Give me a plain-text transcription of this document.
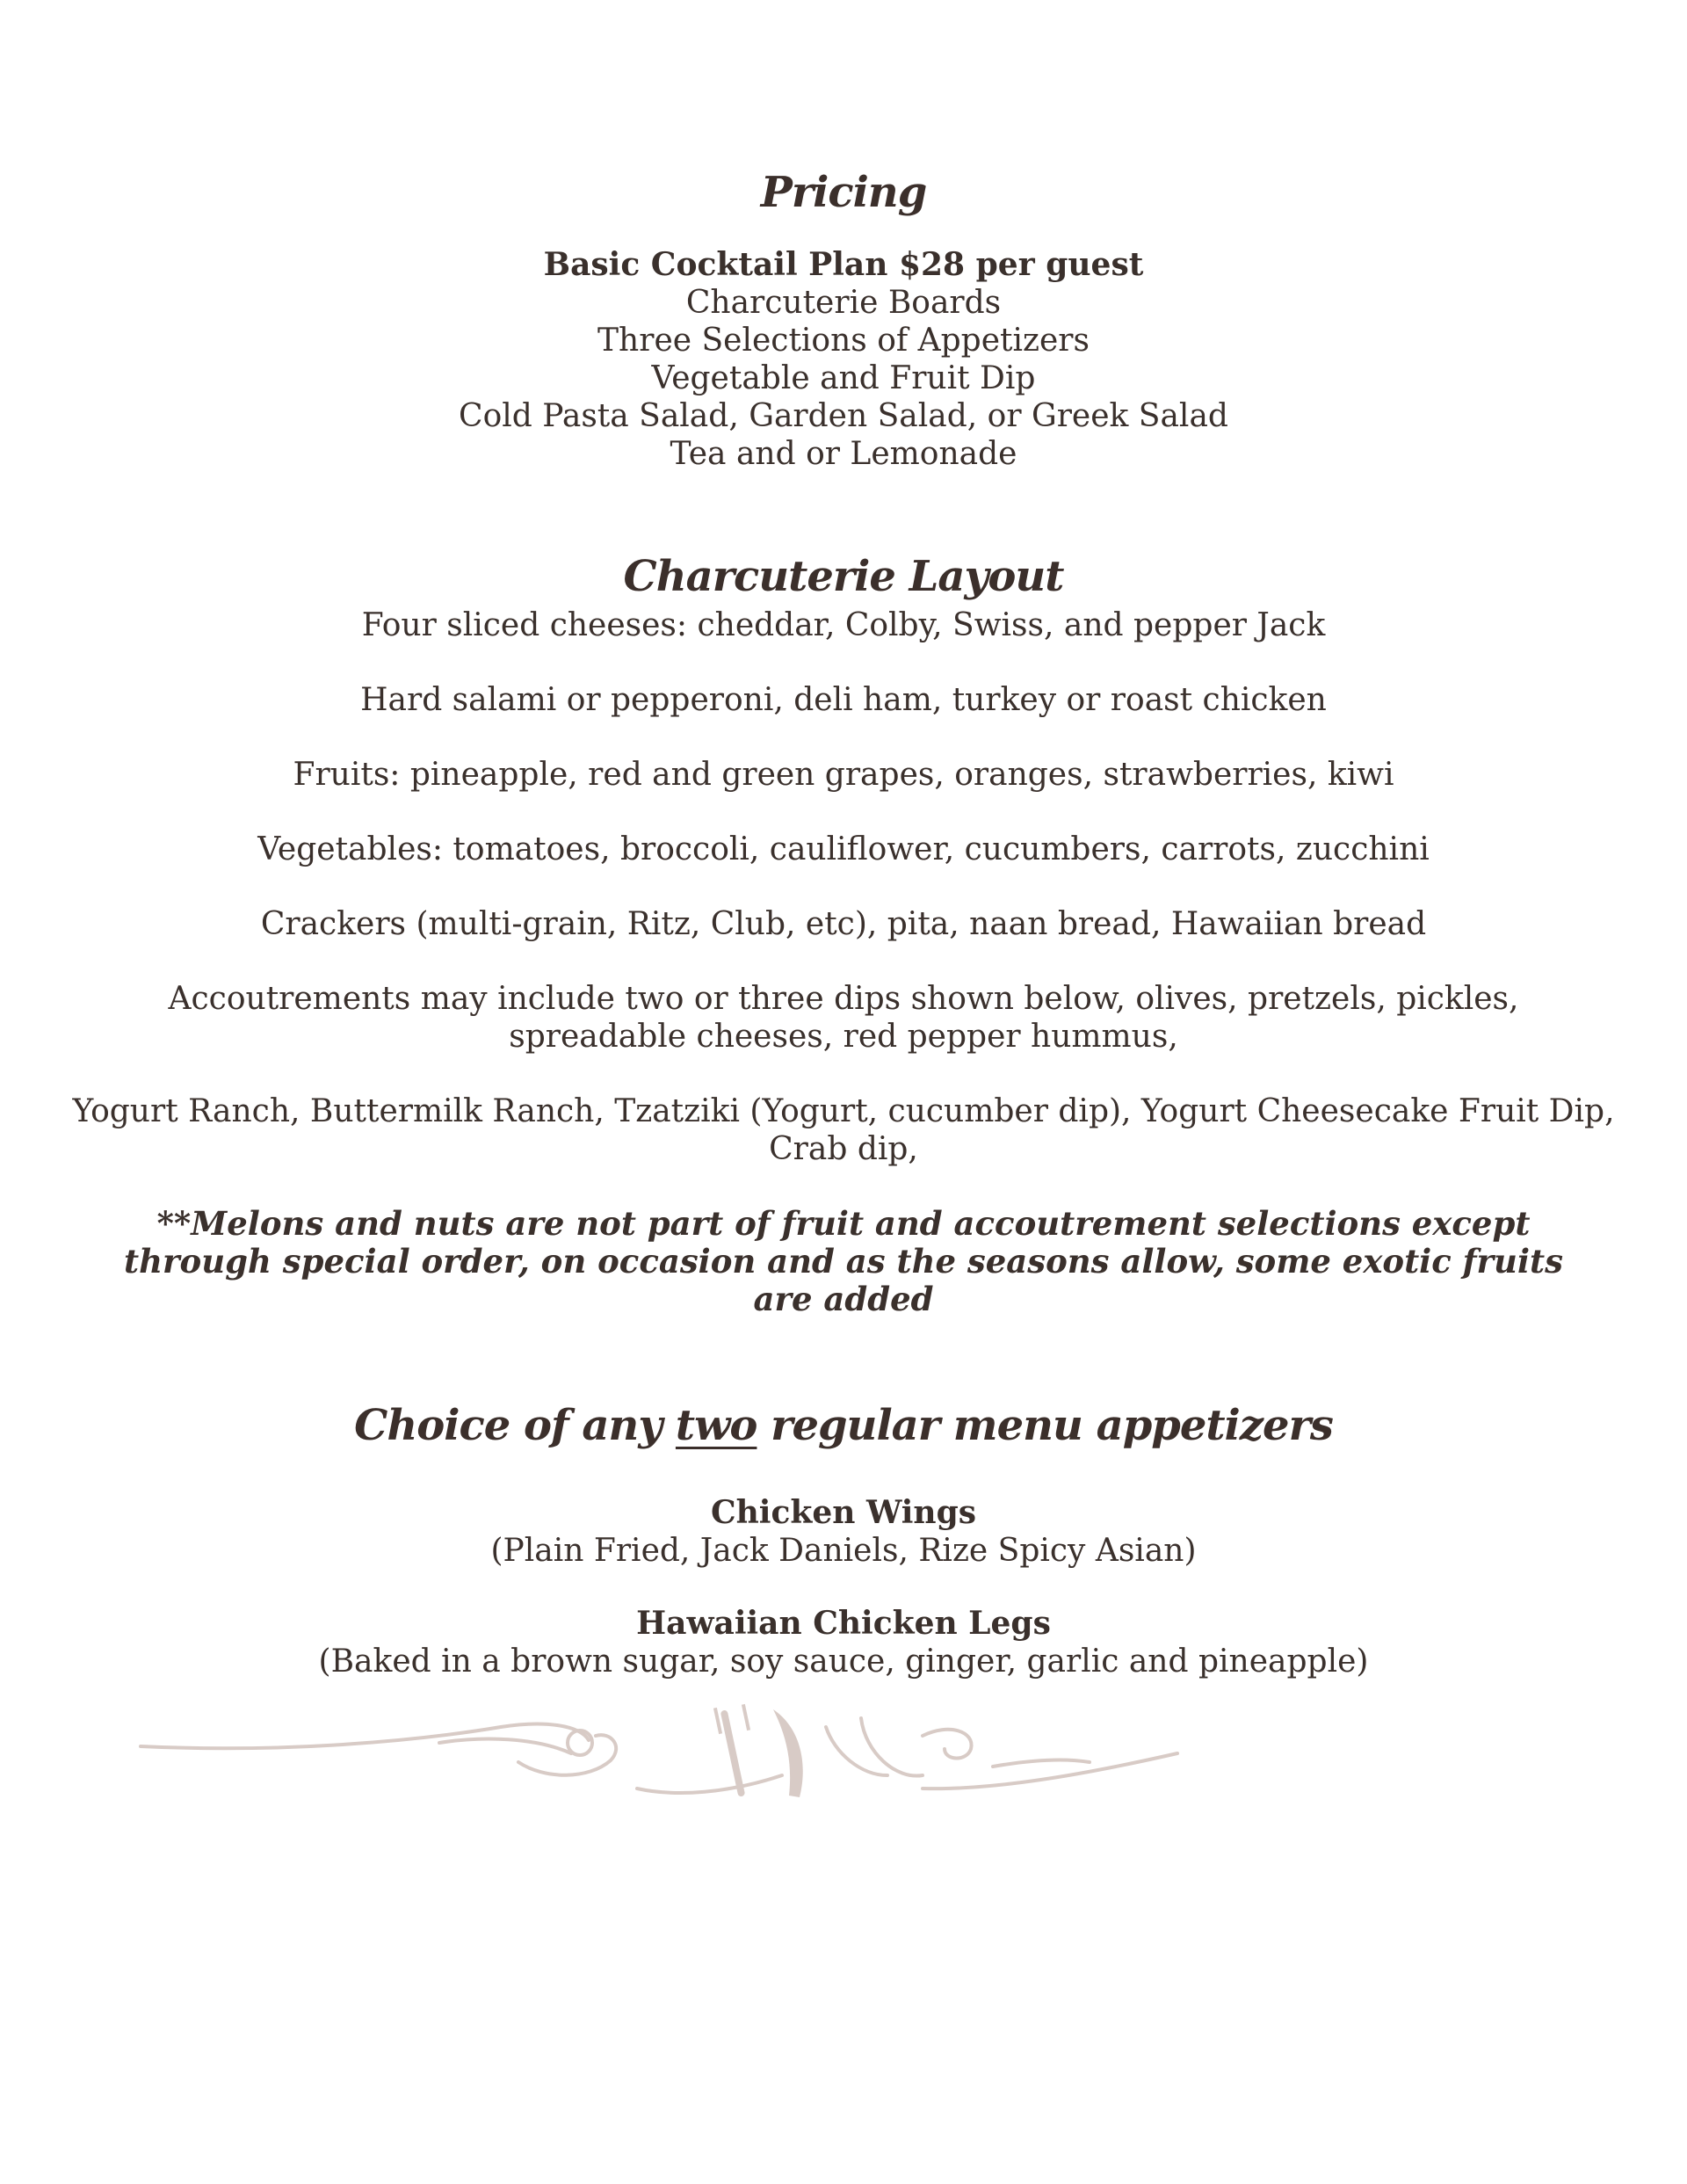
Pricing

Basic Cocktail Plan $28 per guest

Charcuterie Boards

Three Selections of Appetizers

Vegetable and Fruit Dip

Cold Pasta Salad, Garden Salad, or Greek Salad

Tea and or Lemonade

Charcuterie Layout

Four sliced cheeses: cheddar, Colby, Swiss, and pepper Jack

Hard salami or pepperoni, deli ham, turkey or roast chicken

Fruits: pineapple, red and green grapes, oranges, strawberries, kiwi

Vegetables: tomatoes, broccoli, cauliflower, cucumbers, carrots, zucchini

Crackers (multi-grain, Ritz, Club, etc), pita, naan bread, Hawaiian bread

Accoutrements may include two or three dips shown below, olives, pretzels, pickles, spreadable cheeses, red pepper hummus,

Yogurt Ranch, Buttermilk Ranch, Tzatziki (Yogurt, cucumber dip), Yogurt Cheesecake Fruit Dip, Crab dip,

**Melons and nuts are not part of fruit and accoutrement selections except through special order, on occasion and as the seasons allow, some exotic fruits are added

Choice of any two regular menu appetizers

Chicken Wings

(Plain Fried, Jack Daniels, Rize Spicy Asian)

Hawaiian Chicken Legs

(Baked in a brown sugar, soy sauce, ginger, garlic and pineapple)
